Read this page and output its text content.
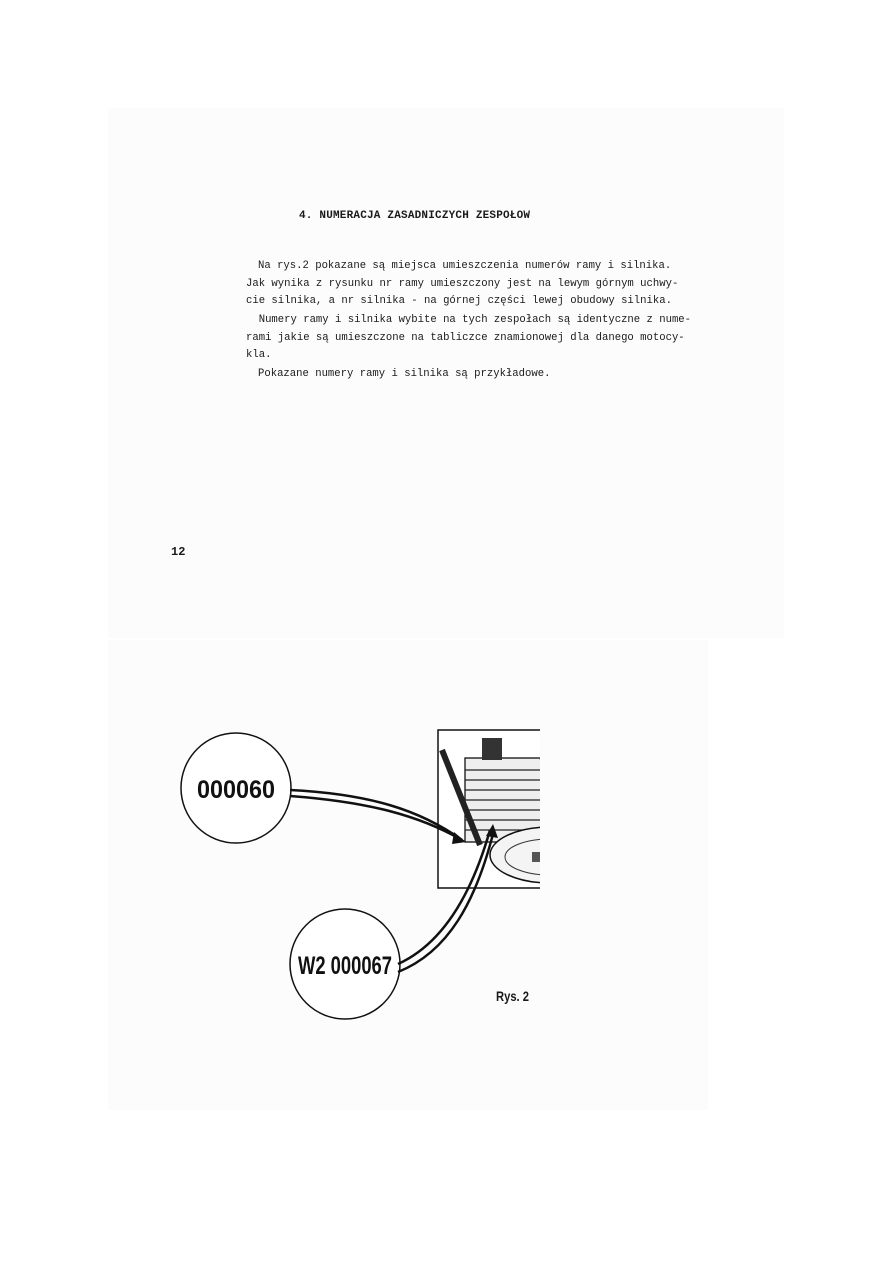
4. NUMERACJA ZASADNICZYCH ZESPOŁOW
Na rys.2 pokazane są miejsca umieszczenia numerów ramy i silnika.
Jak wynika z rysunku nr ramy umieszczony jest na lewym górnym uchwy-
cie silnika, a nr silnika - na górnej części lewej obudowy silnika.
Numery ramy i silnika wybite na tych zespołach są identyczne z nume-
rami jakie są umieszczone na tabliczce znamionowej dla danego motocy-
kla.
Pokazane numery ramy i silnika są przykładowe.
12
000060
W2 000067
Rys. 2
